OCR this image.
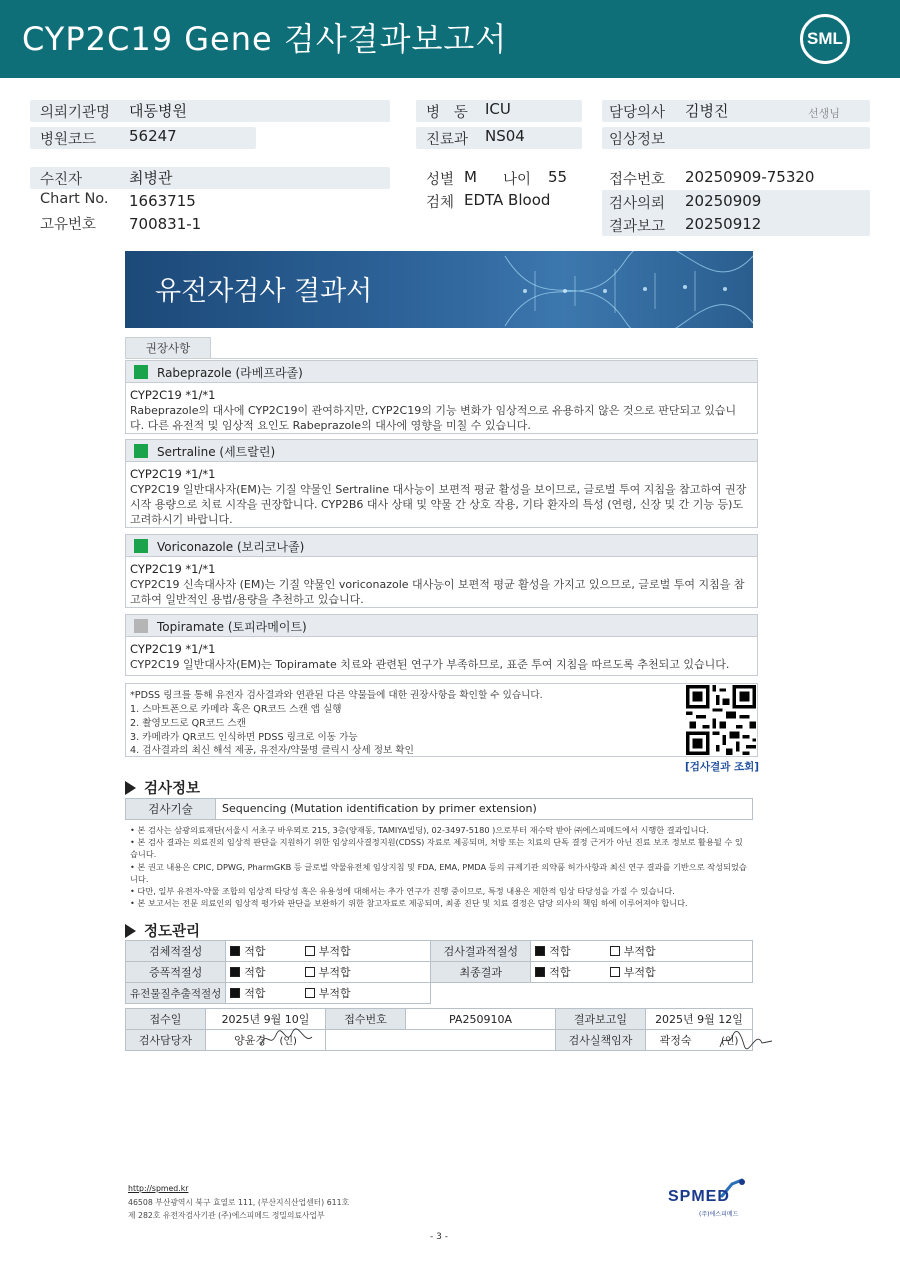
CYP2C19 Gene 검사결과보고서	SML
의뢰기관명 대동병원
병원코드 56247
병   동 ICU
진료과 NS04
담당의사 김병진	선생님
임상정보
수진자	최병관
Chart No. 1663715
고유번호 700831-1
성별 M 나이 55
검체 EDTA Blood
접수번호 20250909-75320
검사의뢰 20250909
결과보고 20250912
유전자검사 결과서
권장사항
Rabeprazole (라베프라졸)
CYP2C19 *1/*1
Rabeprazole의 대사에 CYP2C19이 관여하지만, CYP2C19의 기능 변화가 임상적으로 유용하지 않은 것으로 판단되고 있습니다. 다른 유전적 및 임상적 요인도 Rabeprazole의 대사에 영향을 미칠 수 있습니다.
Sertraline (세트랄린)
CYP2C19 *1/*1
CYP2C19 일반대사자(EM)는 기질 약물인 Sertraline 대사능이 보편적 평균 활성을 보이므로, 글로벌 투여 지침을 참고하여 권장 시작 용량으로 치료 시작을 권장합니다. CYP2B6 대사 상태 및 약물 간 상호 작용, 기타 환자의 특성 (연령, 신장 및 간 기능 등)도 고려하시기 바랍니다.
Voriconazole (보리코나졸)
CYP2C19 *1/*1
CYP2C19 신속대사자 (EM)는 기질 약물인 voriconazole 대사능이 보편적 평균 활성을 가지고 있으므로, 글로벌 투여 지침을 참고하여 일반적인 용법/용량을 추천하고 있습니다.
Topiramate (토피라메이트)
CYP2C19 *1/*1
CYP2C19 일반대사자(EM)는 Topiramate 치료와 관련된 연구가 부족하므로, 표준 투여 지침을 따르도록 추천되고 있습니다.
*PDSS 링크를 통해 유전자 검사결과와 연관된 다른 약물들에 대한 권장사항을 확인할 수 있습니다.
1. 스마트폰으로 카메라 혹은 QR코드 스캔 앱 실행
2. 촬영모드로 QR코드 스캔
3. 카메라가 QR코드 인식하면 PDSS 링크로 이동 가능
4. 검사결과의 최신 해석 제공, 유전자/약물명 클릭시 상세 정보 확인
[검사결과 조회]
검사정보
검사기술	Sequencing (Mutation identification by primer extension)

• 본 검사는 삼광의료재단(서울시 서초구 바우뫼로 215, 3층(양재동, TAMIYA빌딩), 02-3497-5180 )으로부터 재수탁 받아 ㈜에스피메드에서 시행한 결과입니다.

• 본 검사 결과는 의료진의 임상적 판단을 지원하기 위한 임상의사결정지원(CDSS) 자료로 제공되며, 처방 또는 치료의 단독 결정 근거가 아닌 진료 보조 정보로 활용될 수 있습니다.

• 본 권고 내용은 CPIC, DPWG, PharmGKB 등 글로벌 약물유전체 임상지침 및 FDA, EMA, PMDA 등의 규제기관 의약품 허가사항과 최신 연구 결과를 기반으로 작성되었습니다.

• 다만, 일부 유전자-약물 조합의 임상적 타당성 혹은 유용성에 대해서는 추가 연구가 진행 중이므로, 특정 내용은 제한적 임상 타당성을 가질 수 있습니다.

• 본 보고서는 전문 의료인의 임상적 평가와 판단을 보완하기 위한 참고자료로 제공되며, 최종 진단 및 치료 결정은 담당 의사의 책임 하에 이루어져야 합니다.

정도관리
검체적절성	적합	부적합	검사결과적절성	적합	부적합
증폭적절성	적합	부적합	최종결과	적합	부적합
유전물질추출적절성	적합	부적합			
접수일	2025년 9월 10일	접수번호	PA250910A	결과보고일	2025년 9월 12일
검사담당자	양윤경 (인)			검사실책임자	곽정숙 (인)
http://spmed.kr
46508 부산광역시 북구 효열로 111, (부산지식산업센터) 611호
제 282호 유전자검사기관 (주)에스피메드 정밀의료사업부
SPMED
(주)에스피메드
- 3 -
